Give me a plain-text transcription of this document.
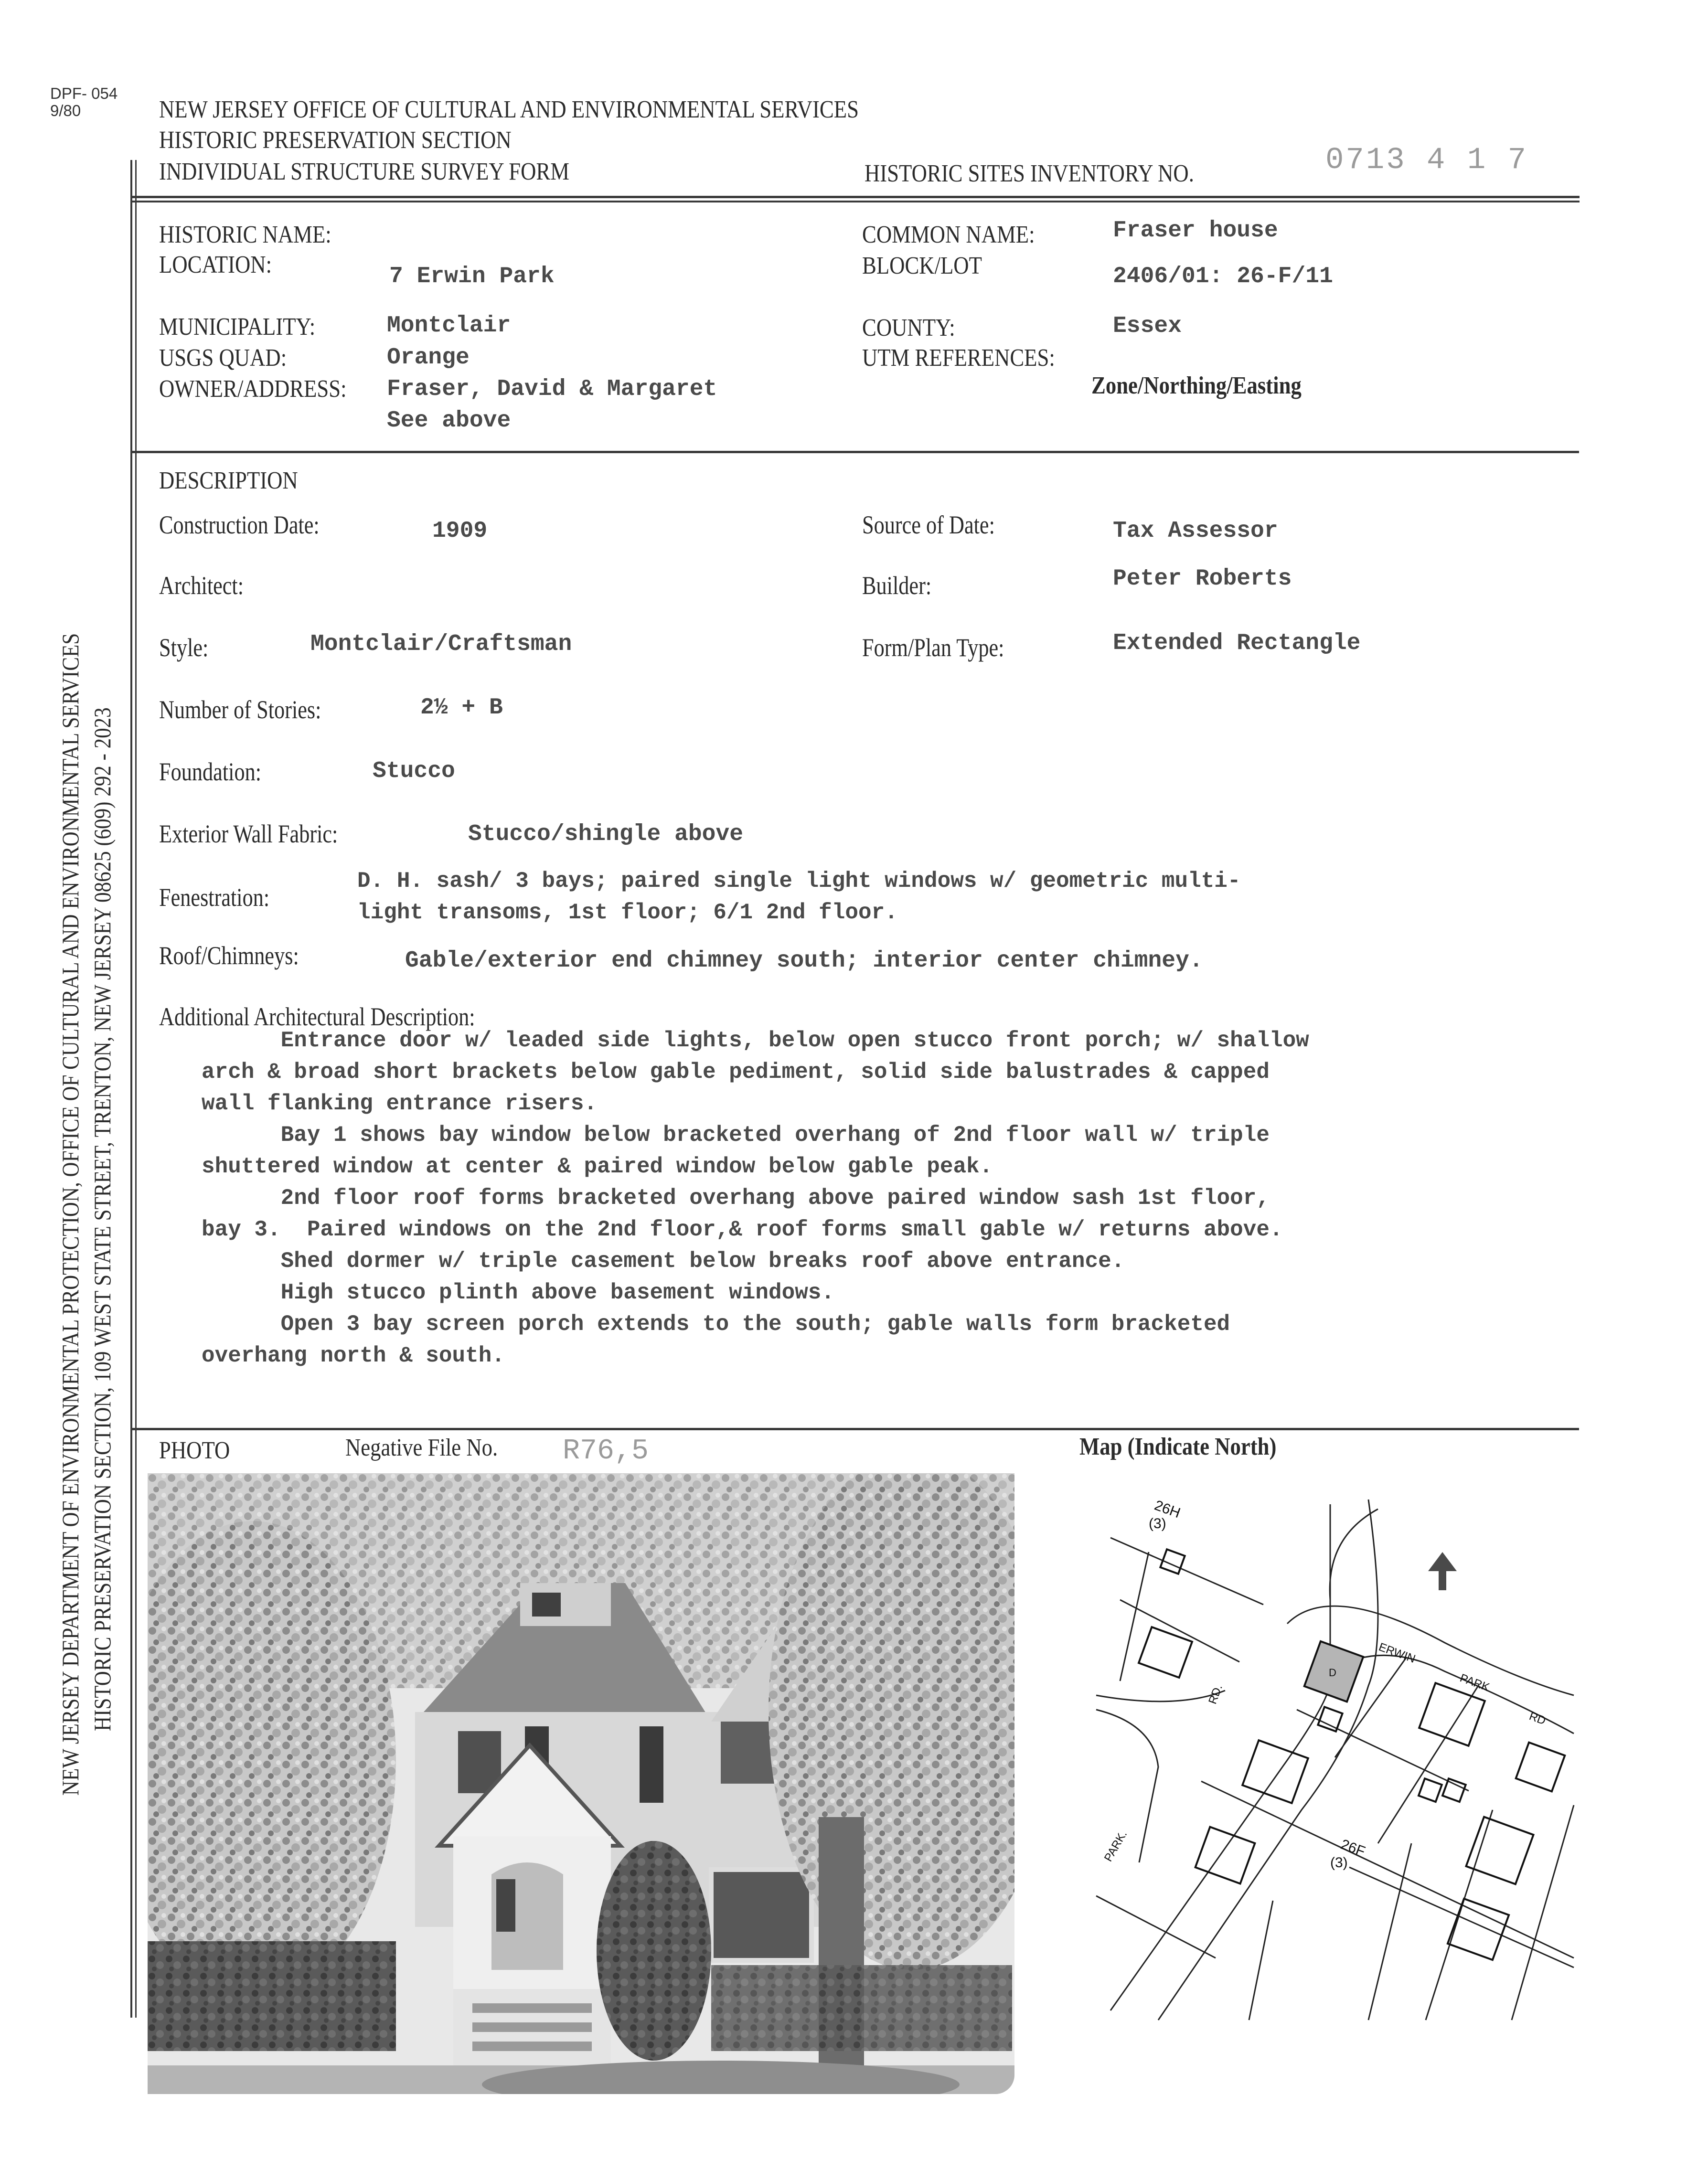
DPF- 054
9/80	NEW JERSEY OFFICE OF CULTURAL AND ENVIRONMENTAL SERVICES
HISTORIC PRESERVATION SECTION
INDIVIDUAL STRUCTURE SURVEY FORM	HISTORIC SITES INVENTORY NO.	0713 4 1 7
NEW JERSEY DEPARTMENT OF ENVIRONMENTAL PROTECTION, OFFICE OF CULTURAL AND ENVIRONMENTAL SERVICES HISTORIC PRESERVATION SECTION, 109 WEST STATE STREET, TRENTON, NEW JERSEY 08625 (609) 292 - 2023
HISTORIC NAME:
LOCATION:	7 Erwin Park
COMMON NAME:	Fraser house
BLOCK/LOT	2406/01: 26-F/11
MUNICIPALITY:	Montclair
USGS QUAD:	Orange
OWNER/ADDRESS: Fraser, David & Margaret
See above
COUNTY:	Essex
UTM REFERENCES:
Zone/Northing/Easting
DESCRIPTION
Construction Date:	1909	Source of Date:	Tax Assessor
Architect:	Builder:	Peter Roberts
Style:	Montclair/Craftsman	Form/Plan Type:	Extended Rectangle
Number of Stories:	2½ + B
Foundation:	Stucco
Exterior Wall Fabric:	Stucco/shingle above
Fenestration:
D. H. sash/ 3 bays; paired single light windows w/ geometric multi-
light transoms, 1st floor; 6/1 2nd floor.
Roof/Chimneys:	Gable/exterior end chimney south; interior center chimney.
Additional Architectural Description:
Entrance door w/ leaded side lights, below open stucco front porch; w/ shallow
arch & broad short brackets below gable pediment, solid side balustrades & capped
wall flanking entrance risers.
Bay 1 shows bay window below bracketed overhang of 2nd floor wall w/ triple
shuttered window at center & paired window below gable peak.
2nd floor roof forms bracketed overhang above paired window sash 1st floor,
bay 3.  Paired windows on the 2nd floor,& roof forms small gable w/ returns above.
Shed dormer w/ triple casement below breaks roof above entrance.
High stucco plinth above basement windows.
Open 3 bay screen porch extends to the south; gable walls form bracketed
overhang north & south.
PHOTO	Negative File No. R76,5	Map (Indicate North)
26H
(3)
26F
(3)
ERWIN
PARK
RD
RD.
PARK.
D
